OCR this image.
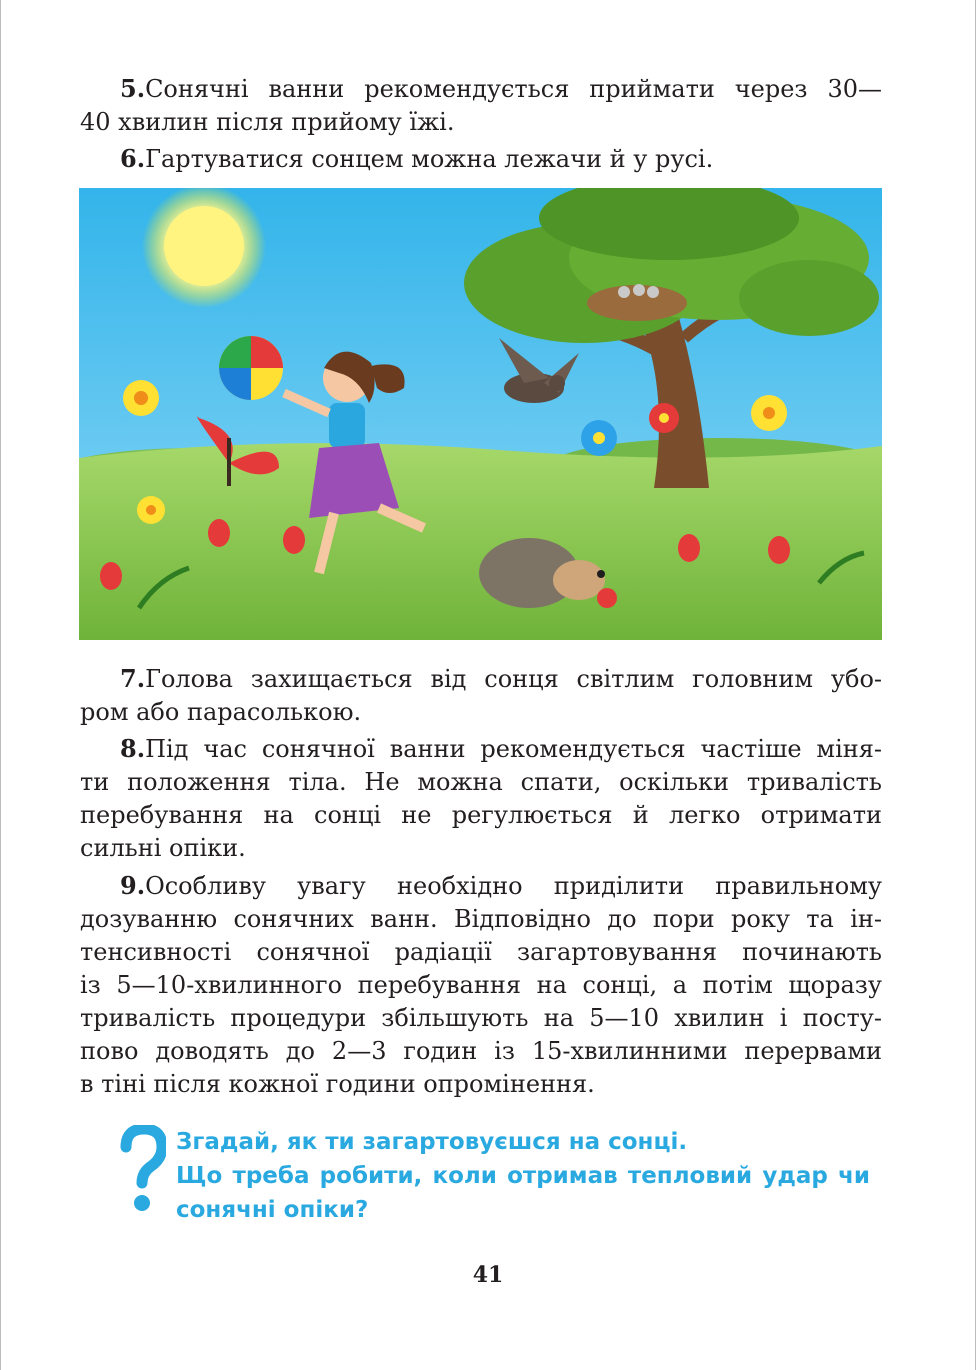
5.Сонячні ванни рекомендується приймати через 30—
40 хвилин після прийому їжі.

6.Гартуватися сонцем можна лежачи й у русі.

7.Голова захищається від сонця світлим головним убо-
ром або парасолькою.

8.Під час сонячної ванни рекомендується частіше міня-
ти положення тіла. Не можна спати, оскільки тривалість
перебування на сонці не регулюється й легко отримати
сильні опіки.

9.Особливу увагу необхідно приділити правильному
дозуванню сонячних ванн. Відповідно до пори року та ін-
тенсивності сонячної радіації загартовування починають
із 5—10-хвилинного перебування на сонці, а потім щоразу
тривалість процедури збільшують на 5—10 хвилин і посту-
пово доводять до 2—3 годин із 15-хвилинними перервами
в тіні після кожної години опромінення.

Згадай, як ти загартовуєшся на сонці.
Що треба робити, коли отримав тепловий удар чи
сонячні опіки?
41
